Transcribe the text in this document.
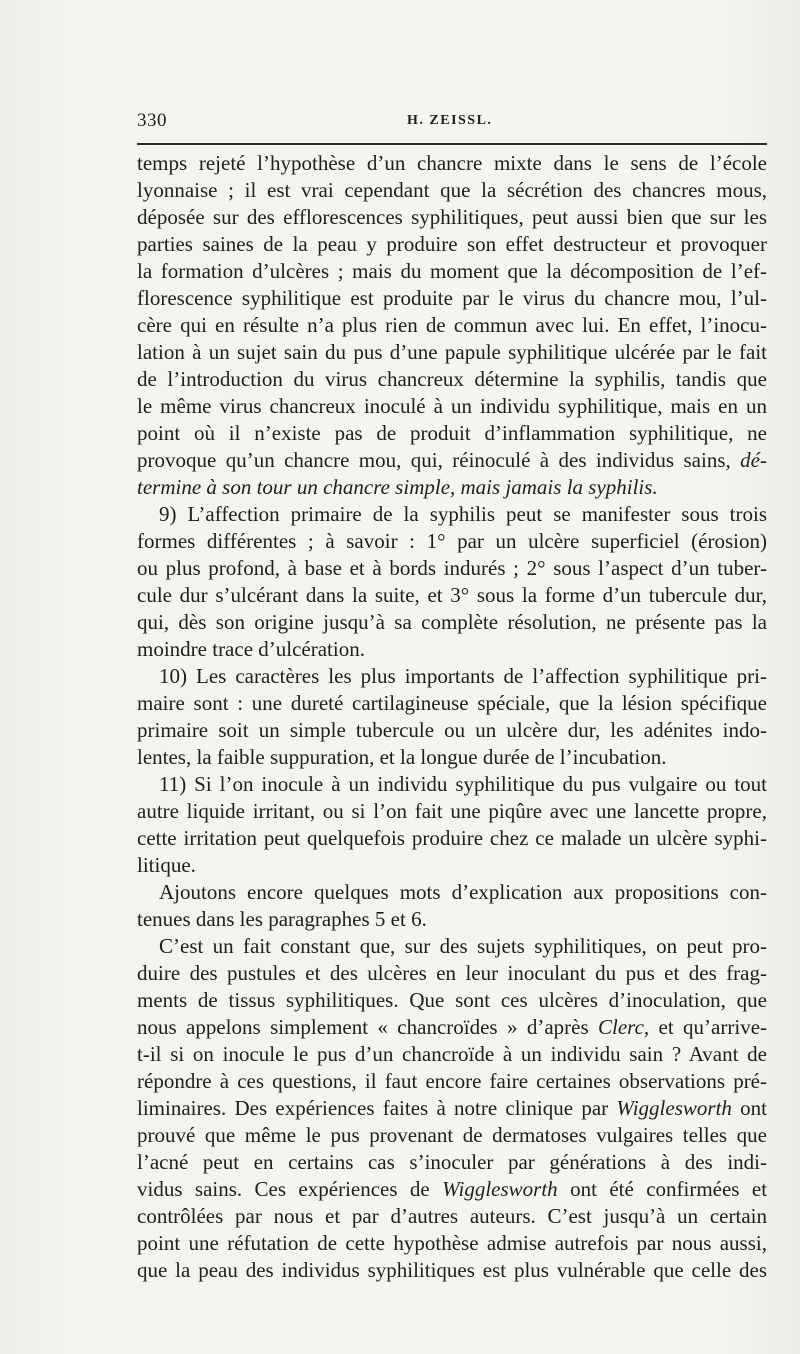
330	H. ZEISSL.
temps rejeté l’hypothèse d’un chancre mixte dans le sens de l’école
lyonnaise ; il est vrai cependant que la sécrétion des chancres mous,
déposée sur des efflorescences syphilitiques, peut aussi bien que sur les
parties saines de la peau y produire son effet destructeur et provoquer
la formation d’ulcères ; mais du moment que la décomposition de l’ef-
florescence syphilitique est produite par le virus du chancre mou, l’ul-
cère qui en résulte n’a plus rien de commun avec lui. En effet, l’inocu-
lation à un sujet sain du pus d’une papule syphilitique ulcérée par le fait
de l’introduction du virus chancreux détermine la syphilis, tandis que
le même virus chancreux inoculé à un individu syphilitique, mais en un
point où il n’existe pas de produit d’inflammation syphilitique, ne
provoque qu’un chancre mou, qui, réinoculé à des individus sains, dé-
termine à son tour un chancre simple, mais jamais la syphilis.
9) L’affection primaire de la syphilis peut se manifester sous trois
formes différentes ; à savoir : 1° par un ulcère superficiel (érosion)
ou plus profond, à base et à bords indurés ; 2° sous l’aspect d’un tuber-
cule dur s’ulcérant dans la suite, et 3° sous la forme d’un tubercule dur,
qui, dès son origine jusqu’à sa complète résolution, ne présente pas la
moindre trace d’ulcération.
10) Les caractères les plus importants de l’affection syphilitique pri-
maire sont : une dureté cartilagineuse spéciale, que la lésion spécifique
primaire soit un simple tubercule ou un ulcère dur, les adénites indo-
lentes, la faible suppuration, et la longue durée de l’incubation.
11) Si l’on inocule à un individu syphilitique du pus vulgaire ou tout
autre liquide irritant, ou si l’on fait une piqûre avec une lancette propre,
cette irritation peut quelquefois produire chez ce malade un ulcère syphi-
litique.
Ajoutons encore quelques mots d’explication aux propositions con-
tenues dans les paragraphes 5 et 6.
C’est un fait constant que, sur des sujets syphilitiques, on peut pro-
duire des pustules et des ulcères en leur inoculant du pus et des frag-
ments de tissus syphilitiques. Que sont ces ulcères d’inoculation, que
nous appelons simplement « chancroïdes » d’après Clerc, et qu’arrive-
t-il si on inocule le pus d’un chancroïde à un individu sain ? Avant de
répondre à ces questions, il faut encore faire certaines observations pré-
liminaires. Des expériences faites à notre clinique par Wigglesworth ont
prouvé que même le pus provenant de dermatoses vulgaires telles que
l’acné peut en certains cas s’inoculer par générations à des indi-
vidus sains. Ces expériences de Wigglesworth ont été confirmées et
contrôlées par nous et par d’autres auteurs. C’est jusqu’à un certain
point une réfutation de cette hypothèse admise autrefois par nous aussi,
que la peau des individus syphilitiques est plus vulnérable que celle des
